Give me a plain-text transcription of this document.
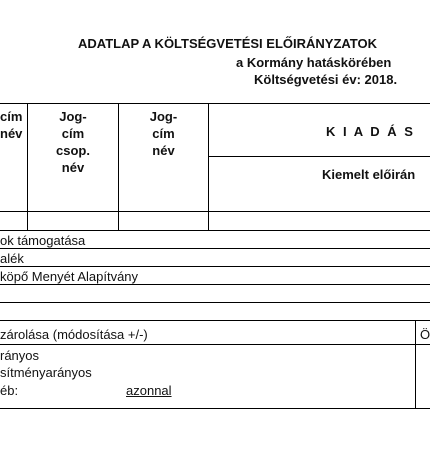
ADATLAP A KÖLTSÉGVETÉSI ELŐIRÁNYZATOK
a Kormány hatáskörében
Költségvetési év: 2018.
cím
név
Jog-
cím
csop.
név
Jog-
cím
név
K I A D Á S
Kiemelt előirán
ok támogatása
alék
köpő Menyét Alapítvány
zárolása (módosítása +/-)	Ö
rányos
sítményarányos
éb:	azonnal
